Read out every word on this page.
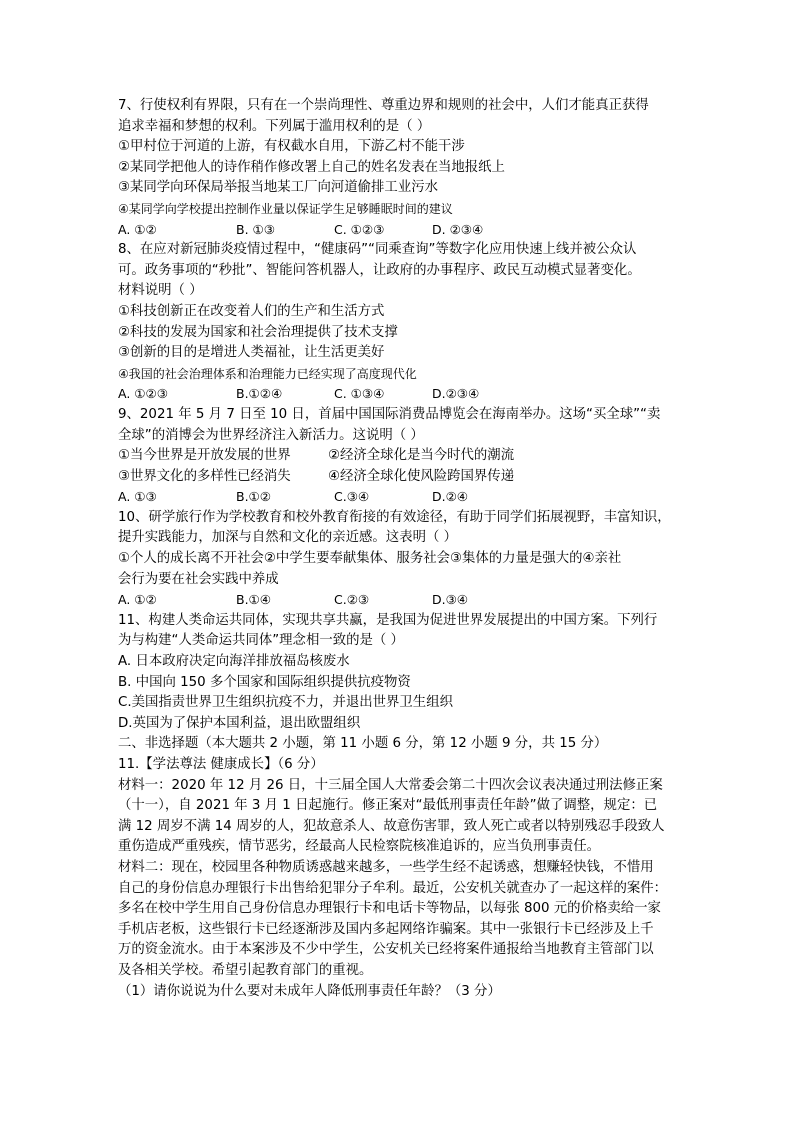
7、行使权利有界限，只有在一个崇尚理性、尊重边界和规则的社会中，人们才能真正获得
追求幸福和梦想的权利。下列属于滥用权利的是（ ）
①甲村位于河道的上游，有权截水自用，下游乙村不能干涉
②某同学把他人的诗作稍作修改署上自己的姓名发表在当地报纸上
③某同学向环保局举报当地某工厂向河道偷排工业污水
④某同学向学校提出控制作业量以保证学生足够睡眠时间的建议
A. ①②	B. ①③	C. ①②③	D. ②③④
8、在应对新冠肺炎疫情过程中，“健康码”“同乘查询”等数字化应用快速上线并被公众认
可。政务事项的“秒批”、智能问答机器人，让政府的办事程序、政民互动模式显著变化。
材料说明（ ）
①科技创新正在改变着人们的生产和生活方式
②科技的发展为国家和社会治理提供了技术支撑
③创新的目的是增进人类福祉，让生活更美好
④我国的社会治理体系和治理能力已经实现了高度现代化
A. ①②③	B.①②④	C. ①③④	D.②③④
9、2021 年 5 月 7 日至 10 日，首届中国国际消费品博览会在海南举办。这场“买全球”“卖
全球”的消博会为世界经济注入新活力。这说明（ ）
①当今世界是开放发展的世界	②经济全球化是当今时代的潮流
③世界文化的多样性已经消失	④经济全球化使风险跨国界传递
A. ①③	B.①②	C.③④	D.②④
10、研学旅行作为学校教育和校外教育衔接的有效途径，有助于同学们拓展视野，丰富知识，
提升实践能力，加深与自然和文化的亲近感。这表明（ ）
①个人的成长离不开社会②中学生要奉献集体、服务社会③集体的力量是强大的④亲社
会行为要在社会实践中养成
A. ①②	B.①④	C.②③	D.③④
11、构建人类命运共同体，实现共享共赢，是我国为促进世界发展提出的中国方案。下列行
为与构建“人类命运共同体”理念相一致的是（ ）
A. 日本政府决定向海洋排放福岛核废水
B. 中国向 150 多个国家和国际组织提供抗疫物资
C.美国指责世界卫生组织抗疫不力，并退出世界卫生组织
D.英国为了保护本国利益，退出欧盟组织
二、非选择题（本大题共 2 小题，第 11 小题 6 分，第 12 小题 9 分，共 15 分）
11.【学法尊法 健康成长】（6 分）
材料一：2020 年 12 月 26 日，十三届全国人大常委会第二十四次会议表决通过刑法修正案
（十一），自 2021 年 3 月 1 日起施行。修正案对“最低刑事责任年龄”做了调整，规定：已
满 12 周岁不满 14 周岁的人，犯故意杀人、故意伤害罪，致人死亡或者以特别残忍手段致人
重伤造成严重残疾，情节恶劣，经最高人民检察院核准追诉的，应当负刑事责任。
材料二：现在，校园里各种物质诱惑越来越多，一些学生经不起诱惑，想赚轻快钱，不惜用
自己的身份信息办理银行卡出售给犯罪分子牟利。最近，公安机关就查办了一起这样的案件：
多名在校中学生用自己身份信息办理银行卡和电话卡等物品，以每张 800 元的价格卖给一家
手机店老板，这些银行卡已经逐渐涉及国内多起网络诈骗案。其中一张银行卡已经涉及上千
万的资金流水。由于本案涉及不少中学生，公安机关已经将案件通报给当地教育主管部门以
及各相关学校。希望引起教育部门的重视。
（1）请你说说为什么要对未成年人降低刑事责任年龄？（3 分）
